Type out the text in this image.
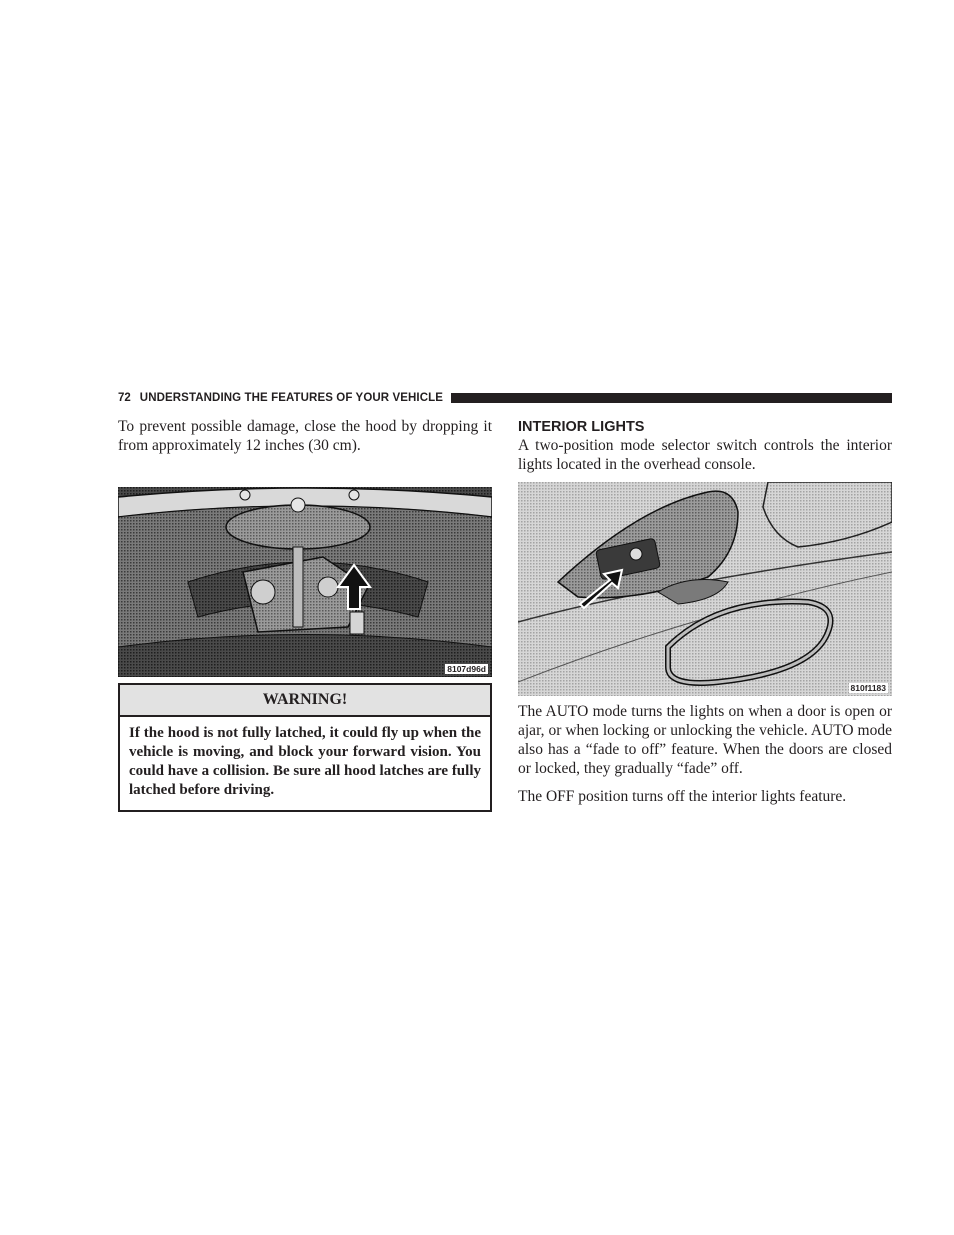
72 UNDERSTANDING THE FEATURES OF YOUR VEHICLE

To prevent possible damage, close the hood by dropping it from approximately 12 inches (30 cm).

8107d96d
WARNING!
If the hood is not fully latched, it could fly up when the vehicle is moving, and block your forward vision. You could have a collision. Be sure all hood latches are fully latched before driving.
INTERIOR LIGHTS

A two-position mode selector switch controls the interior lights located in the overhead console.

810f1183

The AUTO mode turns the lights on when a door is open or ajar, or when locking or unlocking the vehicle. AUTO mode also has a “fade to off” feature. When the doors are closed or locked, they gradually “fade” off.

The OFF position turns off the interior lights feature.
